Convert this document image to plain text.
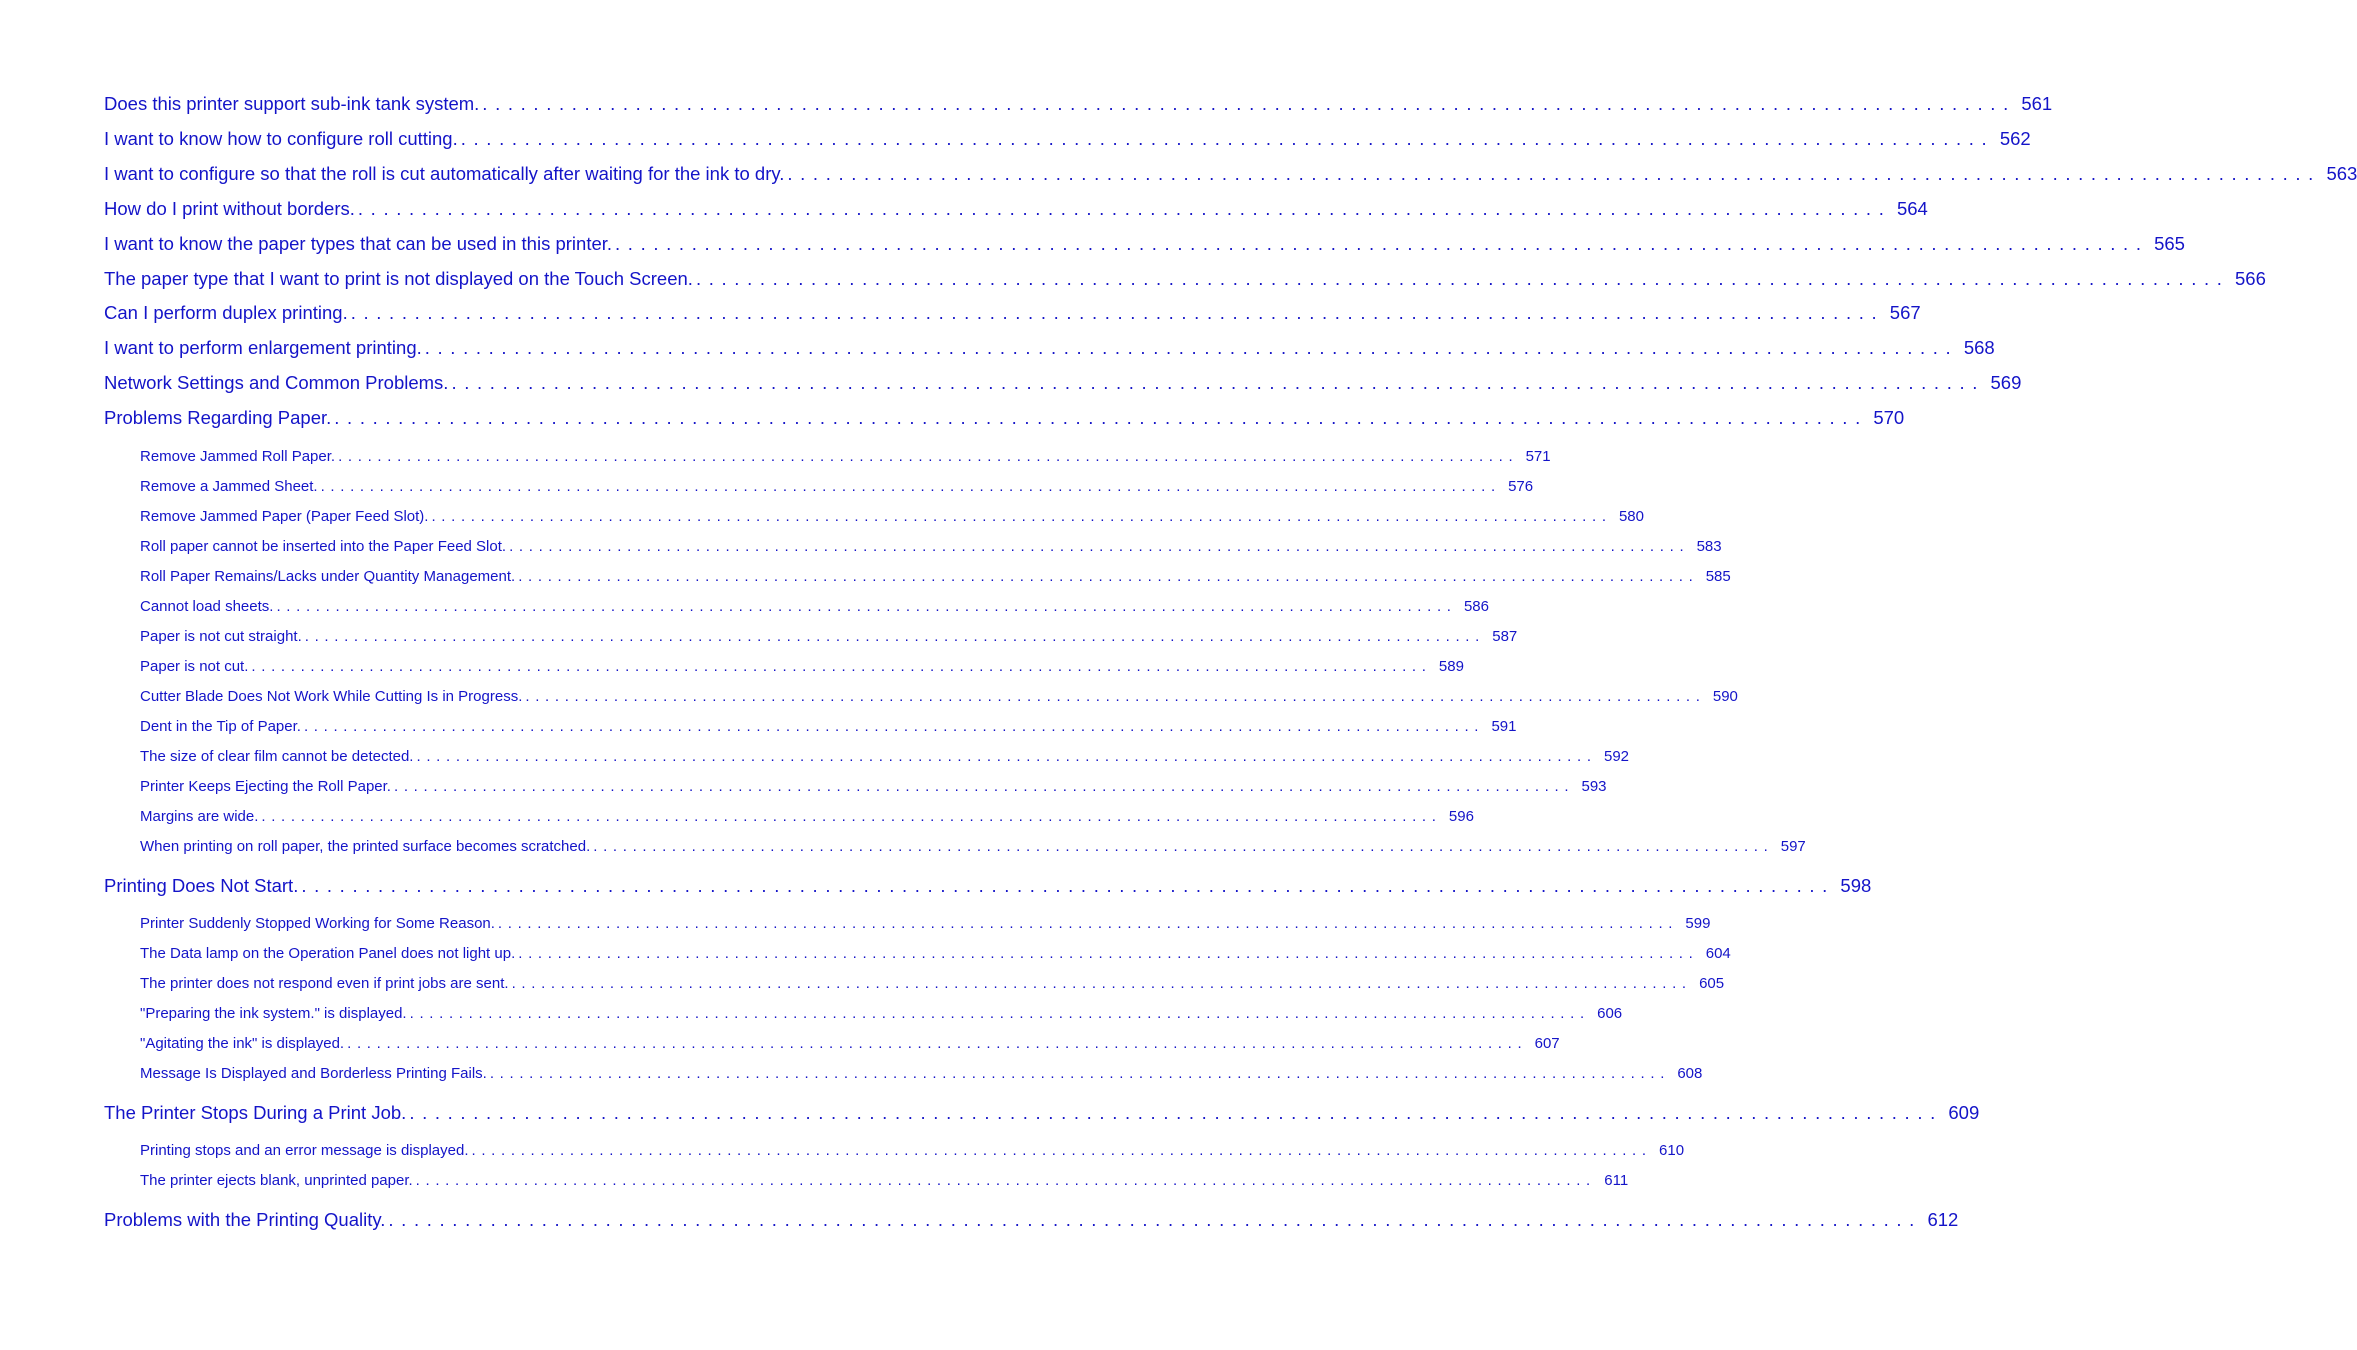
Does this printer support sub-ink tank system. . . . . . . . . . . . . . . . . . . . . . . . . . . . . . . . . . . . . . . . . . . . . . . . . . . . . . . . . . . . . . . . . . . . . . . . . . . . . . . . . . . . . . . . . . . . . . . . . . . . . . . . . . . . . . . . . . . . . . . . . 561
I want to know how to configure roll cutting. . . . . . . . . . . . . . . . . . . . . . . . . . . . . . . . . . . . . . . . . . . . . . . . . . . . . . . . . . . . . . . . . . . . . . . . . . . . . . . . . . . . . . . . . . . . . . . . . . . . . . . . . . . . . . . . . . . . . . . . . 562
I want to configure so that the roll is cut automatically after waiting for the ink to dry. . . . . . . . . . . . . . . . . . . . . . . . . . . . . . . . . . . . . . . . . . . . . . . . . . . . . . . . . . . . . . . . . . . . . . . . . . . . . . . . . . . . . . . . . . . . . . . . . . . . . . . . . . . . . . . . . . . . . . . . . 563
How do I print without borders. . . . . . . . . . . . . . . . . . . . . . . . . . . . . . . . . . . . . . . . . . . . . . . . . . . . . . . . . . . . . . . . . . . . . . . . . . . . . . . . . . . . . . . . . . . . . . . . . . . . . . . . . . . . . . . . . . . . . . . . . 564
I want to know the paper types that can be used in this printer. . . . . . . . . . . . . . . . . . . . . . . . . . . . . . . . . . . . . . . . . . . . . . . . . . . . . . . . . . . . . . . . . . . . . . . . . . . . . . . . . . . . . . . . . . . . . . . . . . . . . . . . . . . . . . . . . . . . . . . . . 565
The paper type that I want to print is not displayed on the Touch Screen. . . . . . . . . . . . . . . . . . . . . . . . . . . . . . . . . . . . . . . . . . . . . . . . . . . . . . . . . . . . . . . . . . . . . . . . . . . . . . . . . . . . . . . . . . . . . . . . . . . . . . . . . . . . . . . . . . . . . . . . . 566
Can I perform duplex printing. . . . . . . . . . . . . . . . . . . . . . . . . . . . . . . . . . . . . . . . . . . . . . . . . . . . . . . . . . . . . . . . . . . . . . . . . . . . . . . . . . . . . . . . . . . . . . . . . . . . . . . . . . . . . . . . . . . . . . . . . 567
I want to perform enlargement printing. . . . . . . . . . . . . . . . . . . . . . . . . . . . . . . . . . . . . . . . . . . . . . . . . . . . . . . . . . . . . . . . . . . . . . . . . . . . . . . . . . . . . . . . . . . . . . . . . . . . . . . . . . . . . . . . . . . . . . . . . 568
Network Settings and Common Problems. . . . . . . . . . . . . . . . . . . . . . . . . . . . . . . . . . . . . . . . . . . . . . . . . . . . . . . . . . . . . . . . . . . . . . . . . . . . . . . . . . . . . . . . . . . . . . . . . . . . . . . . . . . . . . . . . . . . . . . . . 569
Problems Regarding Paper. . . . . . . . . . . . . . . . . . . . . . . . . . . . . . . . . . . . . . . . . . . . . . . . . . . . . . . . . . . . . . . . . . . . . . . . . . . . . . . . . . . . . . . . . . . . . . . . . . . . . . . . . . . . . . . . . . . . . . . . . 570
Remove Jammed Roll Paper. . . . . . . . . . . . . . . . . . . . . . . . . . . . . . . . . . . . . . . . . . . . . . . . . . . . . . . . . . . . . . . . . . . . . . . . . . . . . . . . . . . . . . . . . . . . . . . . . . . . . . . . . . . . . . . . . . . . . . . . . 571
Remove a Jammed Sheet. . . . . . . . . . . . . . . . . . . . . . . . . . . . . . . . . . . . . . . . . . . . . . . . . . . . . . . . . . . . . . . . . . . . . . . . . . . . . . . . . . . . . . . . . . . . . . . . . . . . . . . . . . . . . . . . . . . . . . . . . 576
Remove Jammed Paper (Paper Feed Slot). . . . . . . . . . . . . . . . . . . . . . . . . . . . . . . . . . . . . . . . . . . . . . . . . . . . . . . . . . . . . . . . . . . . . . . . . . . . . . . . . . . . . . . . . . . . . . . . . . . . . . . . . . . . . . . . . . . . . . . . . 580
Roll paper cannot be inserted into the Paper Feed Slot. . . . . . . . . . . . . . . . . . . . . . . . . . . . . . . . . . . . . . . . . . . . . . . . . . . . . . . . . . . . . . . . . . . . . . . . . . . . . . . . . . . . . . . . . . . . . . . . . . . . . . . . . . . . . . . . . . . . . . . . . 583
Roll Paper Remains/Lacks under Quantity Management. . . . . . . . . . . . . . . . . . . . . . . . . . . . . . . . . . . . . . . . . . . . . . . . . . . . . . . . . . . . . . . . . . . . . . . . . . . . . . . . . . . . . . . . . . . . . . . . . . . . . . . . . . . . . . . . . . . . . . . . . 585
Cannot load sheets. . . . . . . . . . . . . . . . . . . . . . . . . . . . . . . . . . . . . . . . . . . . . . . . . . . . . . . . . . . . . . . . . . . . . . . . . . . . . . . . . . . . . . . . . . . . . . . . . . . . . . . . . . . . . . . . . . . . . . . . . 586
Paper is not cut straight. . . . . . . . . . . . . . . . . . . . . . . . . . . . . . . . . . . . . . . . . . . . . . . . . . . . . . . . . . . . . . . . . . . . . . . . . . . . . . . . . . . . . . . . . . . . . . . . . . . . . . . . . . . . . . . . . . . . . . . . . 587
Paper is not cut. . . . . . . . . . . . . . . . . . . . . . . . . . . . . . . . . . . . . . . . . . . . . . . . . . . . . . . . . . . . . . . . . . . . . . . . . . . . . . . . . . . . . . . . . . . . . . . . . . . . . . . . . . . . . . . . . . . . . . . . . 589
Cutter Blade Does Not Work While Cutting Is in Progress. . . . . . . . . . . . . . . . . . . . . . . . . . . . . . . . . . . . . . . . . . . . . . . . . . . . . . . . . . . . . . . . . . . . . . . . . . . . . . . . . . . . . . . . . . . . . . . . . . . . . . . . . . . . . . . . . . . . . . . . . 590
Dent in the Tip of Paper. . . . . . . . . . . . . . . . . . . . . . . . . . . . . . . . . . . . . . . . . . . . . . . . . . . . . . . . . . . . . . . . . . . . . . . . . . . . . . . . . . . . . . . . . . . . . . . . . . . . . . . . . . . . . . . . . . . . . . . . . 591
The size of clear film cannot be detected. . . . . . . . . . . . . . . . . . . . . . . . . . . . . . . . . . . . . . . . . . . . . . . . . . . . . . . . . . . . . . . . . . . . . . . . . . . . . . . . . . . . . . . . . . . . . . . . . . . . . . . . . . . . . . . . . . . . . . . . . 592
Printer Keeps Ejecting the Roll Paper. . . . . . . . . . . . . . . . . . . . . . . . . . . . . . . . . . . . . . . . . . . . . . . . . . . . . . . . . . . . . . . . . . . . . . . . . . . . . . . . . . . . . . . . . . . . . . . . . . . . . . . . . . . . . . . . . . . . . . . . . 593
Margins are wide. . . . . . . . . . . . . . . . . . . . . . . . . . . . . . . . . . . . . . . . . . . . . . . . . . . . . . . . . . . . . . . . . . . . . . . . . . . . . . . . . . . . . . . . . . . . . . . . . . . . . . . . . . . . . . . . . . . . . . . . . 596
When printing on roll paper, the printed surface becomes scratched. . . . . . . . . . . . . . . . . . . . . . . . . . . . . . . . . . . . . . . . . . . . . . . . . . . . . . . . . . . . . . . . . . . . . . . . . . . . . . . . . . . . . . . . . . . . . . . . . . . . . . . . . . . . . . . . . . . . . . . . . 597
Printing Does Not Start. . . . . . . . . . . . . . . . . . . . . . . . . . . . . . . . . . . . . . . . . . . . . . . . . . . . . . . . . . . . . . . . . . . . . . . . . . . . . . . . . . . . . . . . . . . . . . . . . . . . . . . . . . . . . . . . . . . . . . . . . 598
Printer Suddenly Stopped Working for Some Reason. . . . . . . . . . . . . . . . . . . . . . . . . . . . . . . . . . . . . . . . . . . . . . . . . . . . . . . . . . . . . . . . . . . . . . . . . . . . . . . . . . . . . . . . . . . . . . . . . . . . . . . . . . . . . . . . . . . . . . . . . 599
The Data lamp on the Operation Panel does not light up. . . . . . . . . . . . . . . . . . . . . . . . . . . . . . . . . . . . . . . . . . . . . . . . . . . . . . . . . . . . . . . . . . . . . . . . . . . . . . . . . . . . . . . . . . . . . . . . . . . . . . . . . . . . . . . . . . . . . . . . . 604
The printer does not respond even if print jobs are sent. . . . . . . . . . . . . . . . . . . . . . . . . . . . . . . . . . . . . . . . . . . . . . . . . . . . . . . . . . . . . . . . . . . . . . . . . . . . . . . . . . . . . . . . . . . . . . . . . . . . . . . . . . . . . . . . . . . . . . . . . 605
"Preparing the ink system." is displayed. . . . . . . . . . . . . . . . . . . . . . . . . . . . . . . . . . . . . . . . . . . . . . . . . . . . . . . . . . . . . . . . . . . . . . . . . . . . . . . . . . . . . . . . . . . . . . . . . . . . . . . . . . . . . . . . . . . . . . . . . 606
"Agitating the ink" is displayed. . . . . . . . . . . . . . . . . . . . . . . . . . . . . . . . . . . . . . . . . . . . . . . . . . . . . . . . . . . . . . . . . . . . . . . . . . . . . . . . . . . . . . . . . . . . . . . . . . . . . . . . . . . . . . . . . . . . . . . . . 607
Message Is Displayed and Borderless Printing Fails. . . . . . . . . . . . . . . . . . . . . . . . . . . . . . . . . . . . . . . . . . . . . . . . . . . . . . . . . . . . . . . . . . . . . . . . . . . . . . . . . . . . . . . . . . . . . . . . . . . . . . . . . . . . . . . . . . . . . . . . . 608
The Printer Stops During a Print Job. . . . . . . . . . . . . . . . . . . . . . . . . . . . . . . . . . . . . . . . . . . . . . . . . . . . . . . . . . . . . . . . . . . . . . . . . . . . . . . . . . . . . . . . . . . . . . . . . . . . . . . . . . . . . . . . . . . . . . . . . 609
Printing stops and an error message is displayed. . . . . . . . . . . . . . . . . . . . . . . . . . . . . . . . . . . . . . . . . . . . . . . . . . . . . . . . . . . . . . . . . . . . . . . . . . . . . . . . . . . . . . . . . . . . . . . . . . . . . . . . . . . . . . . . . . . . . . . . . 610
The printer ejects blank, unprinted paper. . . . . . . . . . . . . . . . . . . . . . . . . . . . . . . . . . . . . . . . . . . . . . . . . . . . . . . . . . . . . . . . . . . . . . . . . . . . . . . . . . . . . . . . . . . . . . . . . . . . . . . . . . . . . . . . . . . . . . . . . 611
Problems with the Printing Quality. . . . . . . . . . . . . . . . . . . . . . . . . . . . . . . . . . . . . . . . . . . . . . . . . . . . . . . . . . . . . . . . . . . . . . . . . . . . . . . . . . . . . . . . . . . . . . . . . . . . . . . . . . . . . . . . . . . . . . . . . 612
